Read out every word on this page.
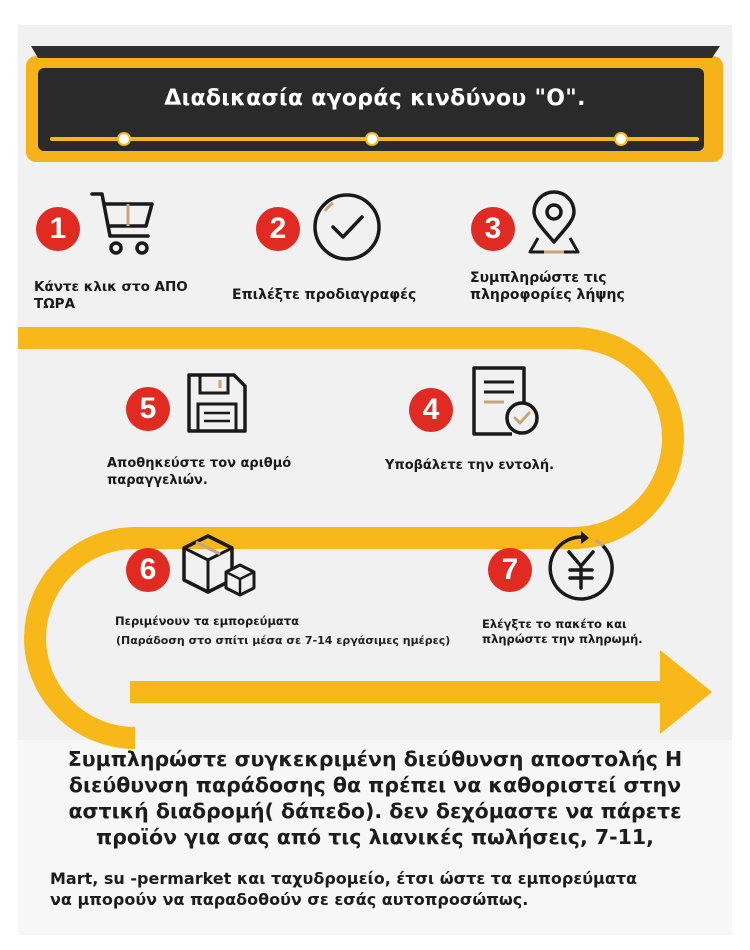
Διαδικασία αγοράς κινδύνου "Ο".
1
Κάντε κλικ στο ΑΠΟ
ΤΩΡΑ
2
Επιλέξτε προδιαγραφές
3
Συμπληρώστε τις
πληροφορίες λήψης
5
Αποθηκεύστε τον αριθμό
παραγγελιών.
4
Υποβάλετε την εντολή.
6
Περιμένουν τα εμπορεύματα
(Παράδοση στο σπίτι μέσα σε 7-14 εργάσιμες ημέρες)
7
Ελέγξτε το πακέτο και
πληρώστε την πληρωμή.
Συμπληρώστε συγκεκριμένη διεύθυνση αποστολής Η
διεύθυνση παράδοσης θα πρέπει να καθοριστεί στην
αστική διαδρομή( δάπεδο). δεν δεχόμαστε να πάρετε
προϊόν για σας από τις λιανικές πωλήσεις, 7-11,
Mart, su -permarket και ταχυδρομείο, έτσι ώστε τα εμπορεύματα
να μπορούν να παραδοθούν σε εσάς αυτοπροσώπως.
